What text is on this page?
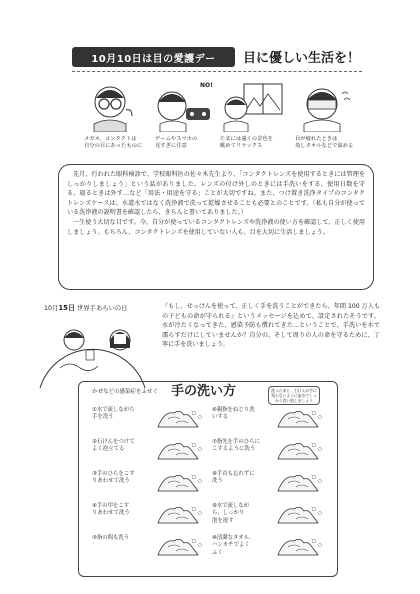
10月10日は目の愛護デー	目に優しい生活を！
メガネ、コンタクトは
自分の目にあったものに
NO!
ゲームやスマホの
見すぎに注意
たまには遠くの景色を
眺めてリラックス
目が疲れたときは
蒸しタオルなどで温める

先月、行われた眼科検診で、学校眼科医の佐々木先生より、「コンタクトレンズを使用するときには管理をしっかりしましょう」という話がありました。レンズの付け外しのときには手洗いをする、使用日数を守る、寝るときは外す…など「用法・用途を守る」ことが大切ですね。また、つけ置き洗浄タイプのコンタクトレンズケースは、水道水ではなく洗浄液で洗って乾燥させることも必要とのことです。（私も自分が使っている洗浄液の説明書を確認したら、きちんと書いてありました。）

一生使う大切な目です。今、自分が使っているコンタクトレンズや洗浄液の使い方を確認して、正しく使用しましょう。もちろん、コンタクトレンズを使用していない人も、目を大切に生活しましょう。

10月15日 世界手あらいの日	『もし、せっけんを使って、正しく手を洗うことができたら、年間 100 万人もの子どもの命が守られる』というメッセージを込めて、設定されたそうです。水が冷たくなってきた、感染予防も慣れてきた…ということで、手洗いを水で濡らすだけにしていませんか？自分の、そして周りの人の命を守るために、丁寧に手を洗いましょう。
かぜなどの感染症をふせぐ 手の洗い方	洗ったあと、石けんが手に残らないように流水でしっかり洗い流しましょう
①水で流しながら
手を洗う
②石けんをつけて
よく泡立てる
③手のひらをこす
りあわせて洗う
④手の甲をこす
りあわせて洗う
⑤指の間も洗う
⑥親指をねじり洗
いする
⑦指先を手のひらに
こするように洗う
⑧手首も忘れずに
洗う
⑨水で流しなが
ら、しっかり
泡を流す
⑩清潔なタオル、
ハンカチでよく
ふく
